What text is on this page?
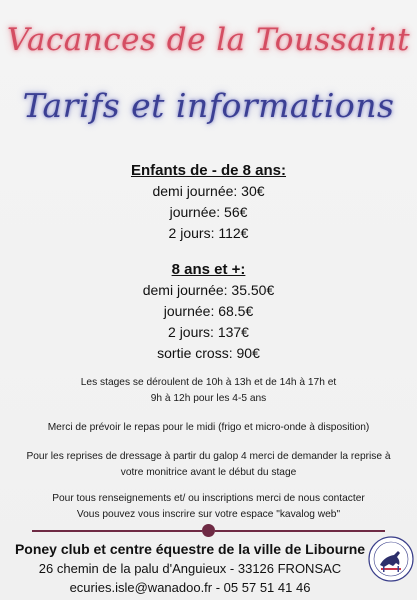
Vacances de la Toussaint
Tarifs et informations
Enfants de - de 8 ans:
demi journée: 30€
journée: 56€
2 jours: 112€
8 ans et +:
demi journée: 35.50€
journée: 68.5€
2 jours: 137€
sortie cross: 90€
Les stages se déroulent de 10h à 13h et de 14h à 17h et
9h à 12h pour les 4-5 ans
Merci de prévoir le repas pour le midi (frigo et micro-onde à disposition)
Pour les reprises de dressage à partir du galop 4 merci de demander la reprise à
votre monitrice avant le début du stage
Pour tous renseignements et/ ou inscriptions merci de nous contacter
Vous pouvez vous inscrire sur votre espace "kavalog web"
Poney club et centre équestre de la ville de Libourne
26 chemin de la palu d'Anguieux - 33126 FRONSAC
ecuries.isle@wanadoo.fr - 05 57 51 41 46
